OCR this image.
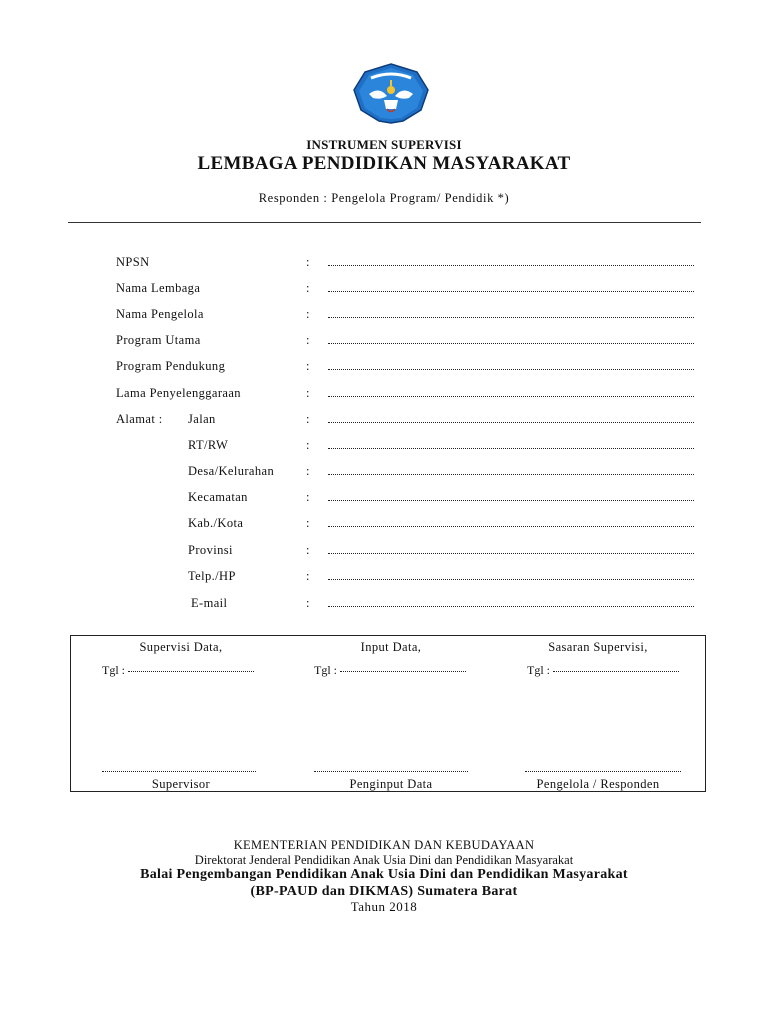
INSTRUMEN SUPERVISI
LEMBAGA PENDIDIKAN MASYARAKAT
Responden : Pengelola Program/ Pendidik *)
NPSN	:
Nama Lembaga	:
Nama Pengelola	:
Program Utama	:
Program Pendukung	:
Lama Penyelenggaraan	:
Alamat : Jalan	:
RT/RW	:
Desa/Kelurahan	:
Kecamatan	:
Kab./Kota	:
Provinsi	:
Telp./HP	:
E-mail	:
Supervisi Data,
Tgl :
Supervisor
Input Data,
Tgl :
Penginput Data
Sasaran Supervisi,
Tgl :
Pengelola / Responden
KEMENTERIAN PENDIDIKAN DAN KEBUDAYAAN
Direktorat Jenderal Pendidikan Anak Usia Dini dan Pendidikan Masyarakat
Balai Pengembangan Pendidikan Anak Usia Dini dan Pendidikan Masyarakat
(BP-PAUD dan DIKMAS) Sumatera Barat
Tahun 2018
